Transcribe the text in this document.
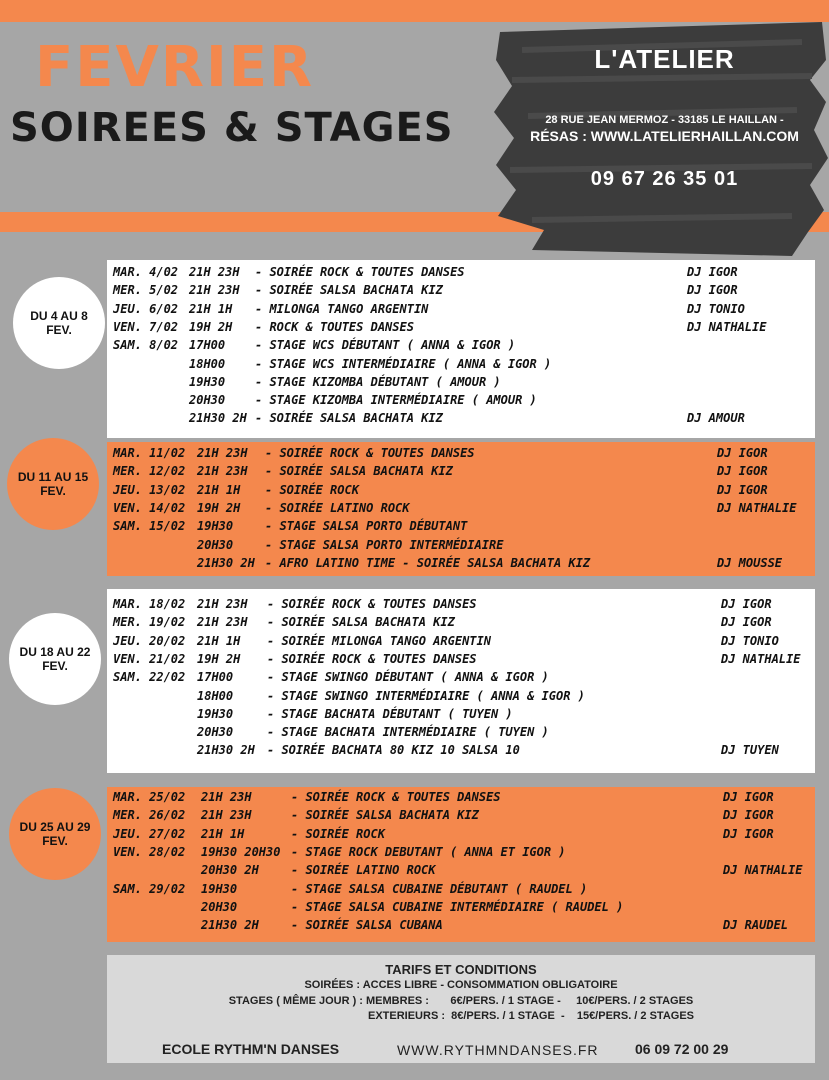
FEVRIER
SOIREES & STAGES
L'ATELIER
28 RUE JEAN MERMOZ - 33185 LE HAILLAN -
RÉSAS : WWW.LATELIERHAILLAN.COM
09 67 26 35 01
DU 4 AU 8
FEV.
DU 11 AU 15
FEV.
DU 18 AU 22
FEV.
DU 25 AU 29
FEV.
TARIFS ET CONDITIONS
SOIRÉES : ACCES LIBRE - CONSOMMATION OBLIGATOIRE
STAGES ( MÊME JOUR ) : MEMBRES :       6€/PERS. / 1 STAGE -     10€/PERS. / 2 STAGES
EXTERIEURS :  8€/PERS. / 1 STAGE  -    15€/PERS. / 2 STAGES
ECOLE RYTHM'N DANSES	WWW.RYTHMNDANSES.FR	06 09 72 00 29
MAR. 4/02 21H 23H - SOIRÉE ROCK & TOUTES DANSES	DJ IGOR
MER. 5/02 21H 23H - SOIRÉE SALSA BACHATA KIZ	DJ IGOR
JEU. 6/02 21H 1H - MILONGA TANGO ARGENTIN	DJ TONIO
VEN. 7/02 19H 2H - ROCK & TOUTES DANSES	DJ NATHALIE
SAM. 8/02 17H00 - STAGE WCS DÉBUTANT ( ANNA & IGOR )
18H00 - STAGE WCS INTERMÉDIAIRE ( ANNA & IGOR )
19H30 - STAGE KIZOMBA DÉBUTANT ( AMOUR )
20H30 - STAGE KIZOMBA INTERMÉDIAIRE ( AMOUR )
21H30 2H - SOIRÉE SALSA BACHATA KIZ	DJ AMOUR
MAR. 11/02 21H 23H - SOIRÉE ROCK & TOUTES DANSES	DJ IGOR
MER. 12/02 21H 23H - SOIRÉE SALSA BACHATA KIZ	DJ IGOR
JEU. 13/02 21H 1H - SOIRÉE ROCK	DJ IGOR
VEN. 14/02 19H 2H - SOIRÉE LATINO ROCK	DJ NATHALIE
SAM. 15/02 19H30	- STAGE SALSA PORTO DÉBUTANT
20H30	- STAGE SALSA PORTO INTERMÉDIAIRE
21H30 2H - AFRO LATINO TIME - SOIRÉE SALSA BACHATA KIZ	DJ MOUSSE
MAR. 18/02 21H 23H - SOIRÉE ROCK & TOUTES DANSES	DJ IGOR
MER. 19/02 21H 23H - SOIRÉE SALSA BACHATA KIZ	DJ IGOR
JEU. 20/02 21H 1H - SOIRÉE MILONGA TANGO ARGENTIN	DJ TONIO
VEN. 21/02 19H 2H - SOIRÉE ROCK & TOUTES DANSES	DJ NATHALIE
SAM. 22/02 17H00	- STAGE SWINGO DÉBUTANT ( ANNA & IGOR )
18H00	- STAGE SWINGO INTERMÉDIAIRE ( ANNA & IGOR )
19H30	- STAGE BACHATA DÉBUTANT ( TUYEN )
20H30	- STAGE BACHATA INTERMÉDIAIRE ( TUYEN )
21H30 2H - SOIRÉE BACHATA 80 KIZ 10 SALSA 10	DJ TUYEN
MAR. 25/02 21H 23H	- SOIRÉE ROCK & TOUTES DANSES	DJ IGOR
MER. 26/02 21H 23H	- SOIRÉE SALSA BACHATA KIZ	DJ IGOR
JEU. 27/02 21H 1H	- SOIRÉE ROCK	DJ IGOR
VEN. 28/02 19H30 20H30 - STAGE ROCK DEBUTANT ( ANNA ET IGOR )
20H30 2H	- SOIRÉE LATINO ROCK	DJ NATHALIE
SAM. 29/02 19H30	- STAGE SALSA CUBAINE DÉBUTANT ( RAUDEL )
20H30	- STAGE SALSA CUBAINE INTERMÉDIAIRE ( RAUDEL )
21H30 2H	- SOIRÉE SALSA CUBANA	DJ RAUDEL
